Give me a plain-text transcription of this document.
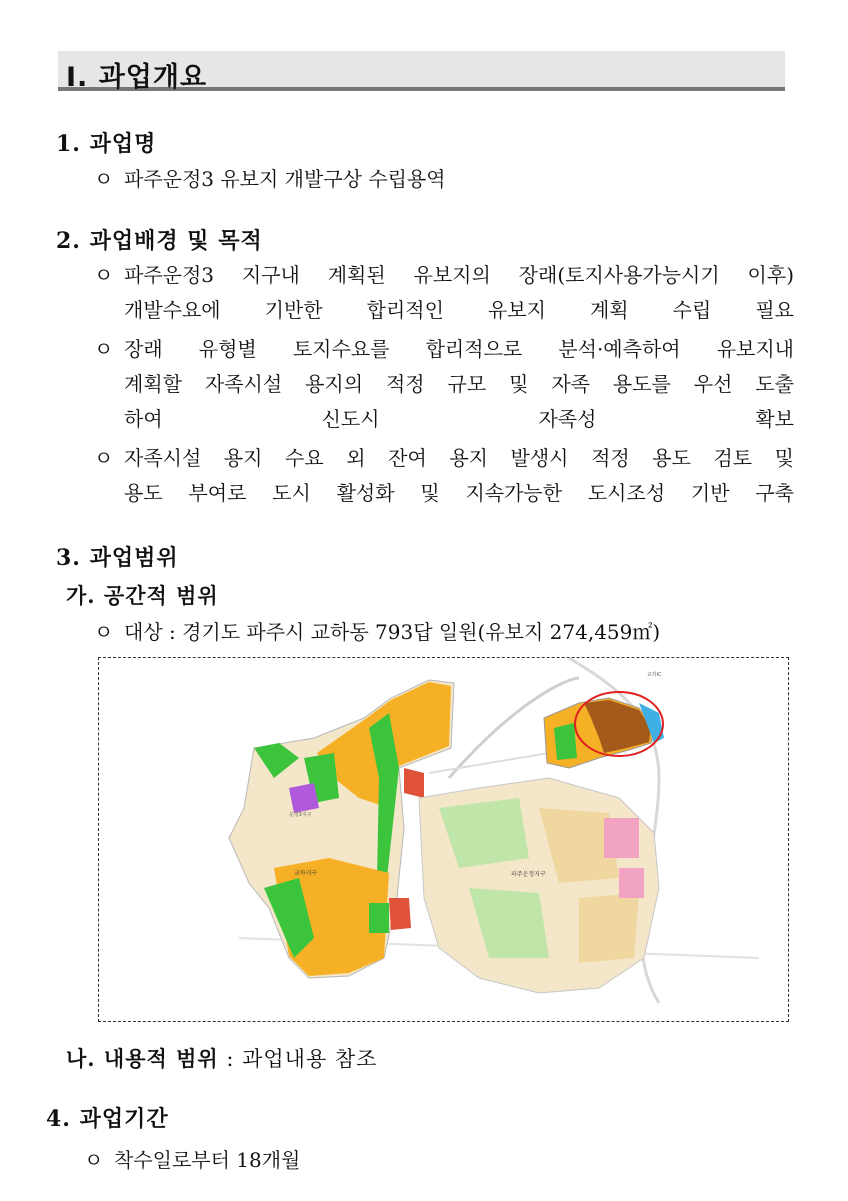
Ⅰ. 과업개요
1. 과업명
ㅇ 파주운정3 유보지 개발구상 수립용역
2. 과업배경 및 목적
ㅇ 파주운정3 지구내 계획된 유보지의 장래(토지사용가능시기 이후)
개발수요에 기반한 합리적인 유보지 계획 수립 필요
ㅇ 장래 유형별 토지수요를 합리적으로 분석·예측하여 유보지내
계획할 자족시설 용지의 적정 규모 및 자족 용도를 우선 도출
하여 신도시 자족성 확보
ㅇ 자족시설 용지 수요 외 잔여 용지 발생시 적정 용도 검토 및
용도 부여로 도시 활성화 및 지속가능한 도시조성 기반 구축
3. 과업범위
가. 공간적 범위
ㅇ 대상 : 경기도 파주시 교하동 793답 일원(유보지 274,459㎡)
교하지구	파주운정지구
운정3지구
교하IC
나. 내용적 범위 : 과업내용 참조
4. 과업기간
ㅇ 착수일로부터 18개월
